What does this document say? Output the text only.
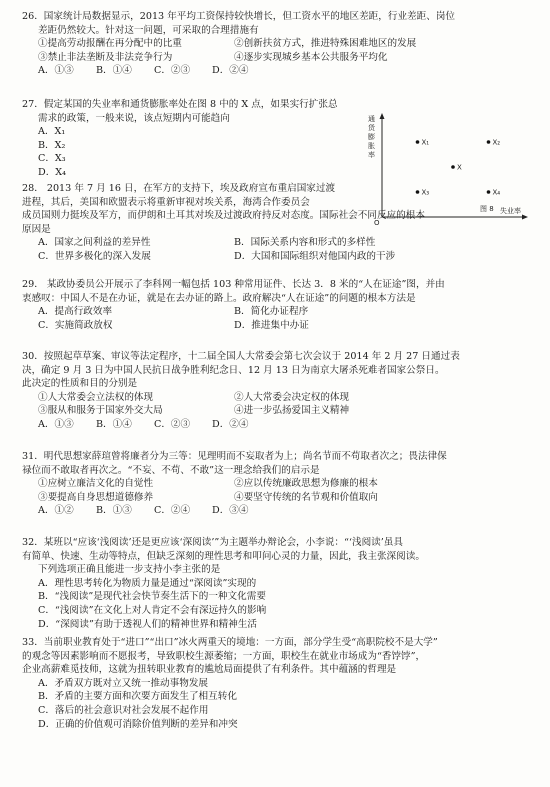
26．国家统计局数据显示，2013 年平均工资保持较快增长，但工资水平的地区差距，行业差距、岗位
差距仍然较大。针对这一问题，可采取的合理措施有
①提高劳动报酬在再分配中的比重	②创新扶贫方式，推进特殊困难地区的发展
③禁止非法垄断及非法竞争行为	④逐步实现城乡基本公共服务平均化
A．①③	B．①④	C．②③	D．②④
27．假定某国的失业率和通货膨胀率处在图 8 中的 X 点，如果实行扩张总
需求的政策，一般来说，该点短期内可能趋向
A．X₁
B．X₂
C．X₃
D．X₄
通货膨胀率
失业率
O
图 8
X₁	X₂
X
X₃	X₄
28． 2013 年 7 月 16 日，在军方的支持下，埃及政府宣布重启国家过渡
进程，其后，美国和欧盟表示将重新审视对埃关系，海湾合作委员会
成员国则力挺埃及军方，而伊朗和土耳其对埃及过渡政府持反对态度。国际社会不同反应的根本
原因是
A．国家之间利益的差异性	B．国际关系内容和形式的多样性
C．世界多极化的深入发展	D．大国和国际组织对他国内政的干涉
29． 某政协委员公开展示了李科网一幅包括 103 种常用证件、长达 3．8 米的“人在证途”图，并由
衷感叹：中国人不是在办证，就是在去办证的路上。政府解决“人在证途”的问题的根本方法是
A．提高行政效率	B．简化办证程序
C．实施简政放权	D．推进集中办证
30．按照起草草案、审议等法定程序，十二届全国人大常委会第七次会议于 2014 年 2 月 27 日通过表
决，确定 9 月 3 日为中国人民抗日战争胜利纪念日、12 月 13 日为南京大屠杀死难者国家公祭日。
此决定的性质和目的分别是
①人大常委会立法权的体现	②人大常委会决定权的体现
③服从和服务于国家外交大局	④进一步弘扬爱国主义精神
A．①③	B．①④	C．②③	D．②④
31．明代思想家薛瑄曾将廉者分为三等：见理明而不妄取者为上；尚名节而不苟取者次之；畏法律保
禄位而不敢取者再次之。“不妄、不苟、不敢”这一理念给我们的启示是
①应树立廉洁文化的自觉性	②应以传统廉政思想为修廉的根本
③要提高自身思想道德修养	④要坚守传统的名节观和价值取向
A．①②	B．①③	C．②④	D．③④
32．某班以“应该‘浅阅读’还是更应该‘深阅读’”为主题举办辩论会，小李说：“‘浅阅读’虽具
有简单、快速、生动等特点，但缺乏深刻的理性思考和叩问心灵的力量，因此，我主张深阅读。
下列选项正确且能进一步支持小李主张的是
A．理性思考转化为物质力量是通过“深阅读”实现的
B．“浅阅读”是现代社会快节奏生活下的一种文化需要
C．“浅阅读”在文化上对人肯定不会有深远持久的影响
D．“深阅读”有助于透视人们的精神世界和精神生活
33．当前职业教育处于“进口”“出口”冰火两重天的境地：一方面，部分学生受“高职院校不是大学”
的观念等因素影响而不愿报考，导致职校生源萎缩；一方面，职校生在就业市场成为“香饽饽”，
企业高薪难觅技师，这就为扭转职业教育的尴尬局面提供了有利条件。其中蕴涵的哲理是
A．矛盾双方既对立又统一推动事物发展
B．矛盾的主要方面和次要方面发生了相互转化
C．落后的社会意识对社会发展不起作用
D．正确的价值观可消除价值判断的差异和冲突
